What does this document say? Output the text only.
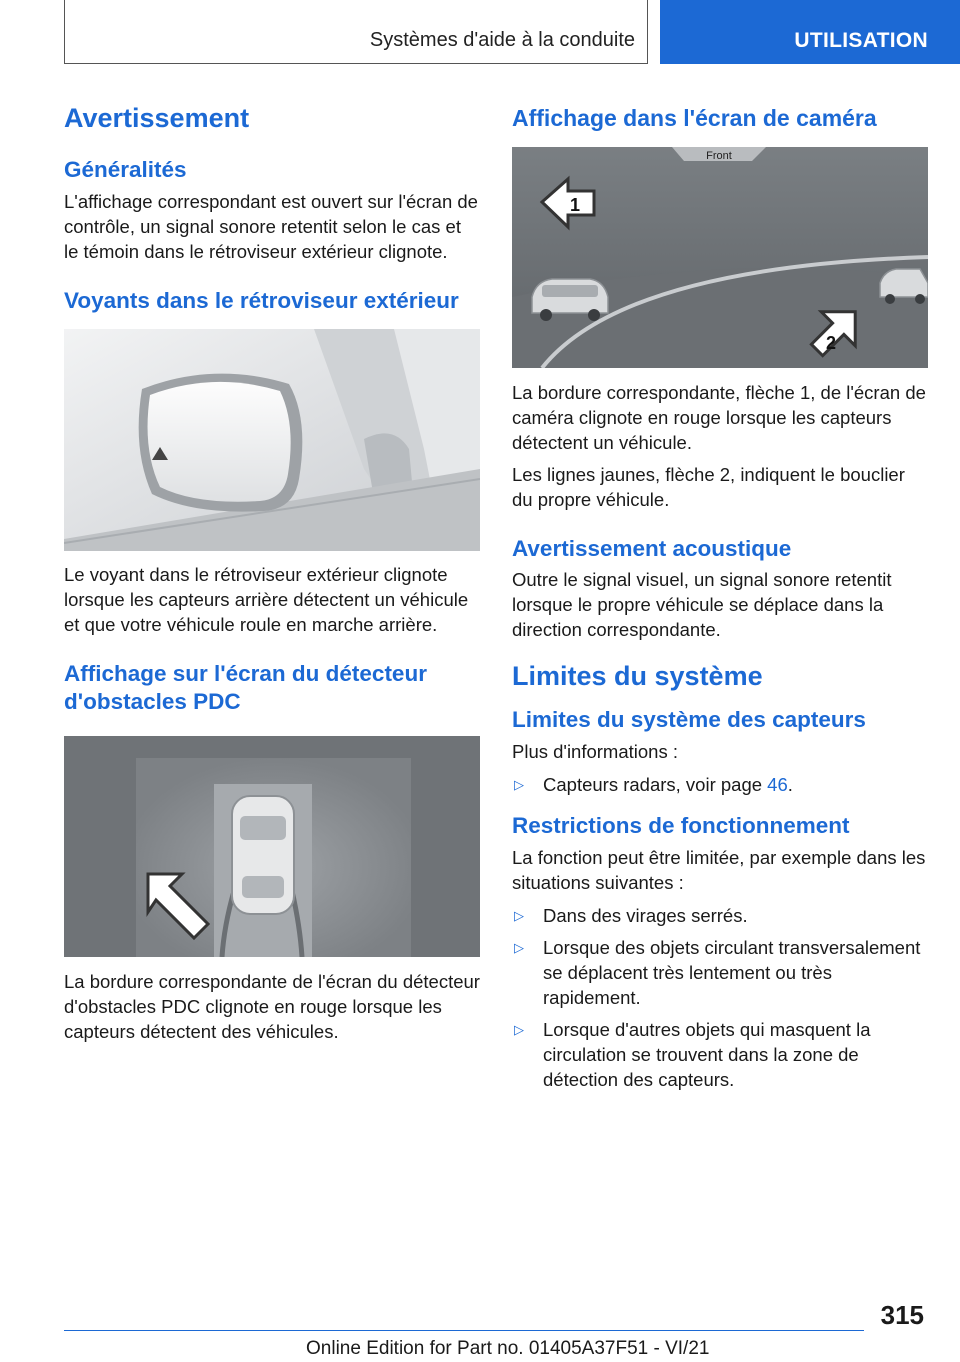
Systèmes d'aide à la conduite	UTILISATION
Avertissement
Généralités

L'affichage correspondant est ouvert sur l'écran de contrôle, un signal sonore retentit selon le cas et le témoin dans le rétroviseur extérieur clignote.

Voyants dans le rétroviseur extérieur

Le voyant dans le rétroviseur extérieur clignote lorsque les capteurs arrière détectent un véhicule et que votre véhicule roule en marche arrière.

Affichage sur l'écran du détecteur d'obstacles PDC

La bordure correspondante de l'écran du détecteur d'obstacles PDC clignote en rouge lorsque les capteurs détectent des véhicules.

Affichage dans l'écran de caméra
Front
1
2

La bordure correspondante, flèche 1, de l'écran de caméra clignote en rouge lorsque les capteurs détectent un véhicule.

Les lignes jaunes, flèche 2, indiquent le bouclier du propre véhicule.

Avertissement acoustique

Outre le signal visuel, un signal sonore retentit lorsque le propre véhicule se déplace dans la direction correspondante.

Limites du système
Limites du système des capteurs

Plus d'informations :

▷	Capteurs radars, voir page 46.
Restrictions de fonctionnement

La fonction peut être limitée, par exemple dans les situations suivantes :

▷	Dans des virages serrés.
▷	Lorsque des objets circulant transversalement se déplacent très lentement ou très rapidement.
▷	Lorsque d'autres objets qui masquent la circulation se trouvent dans la zone de détection des capteurs.
315
Online Edition for Part no. 01405A37F51 - VI/21
